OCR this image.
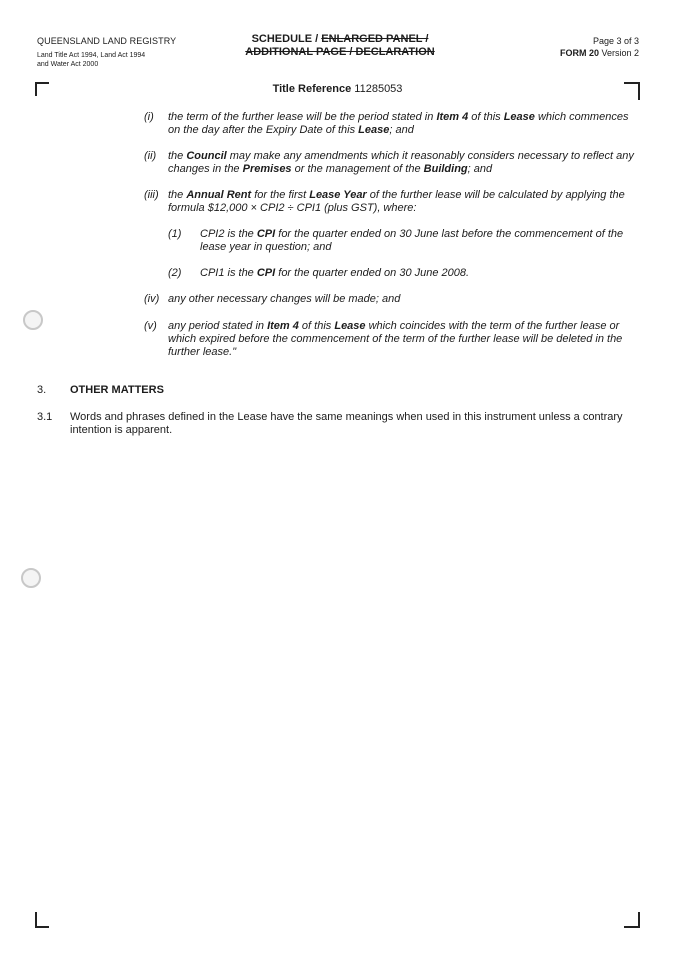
QUEENSLAND LAND REGISTRY
Land Title Act 1994, Land Act 1994
and Water Act 2000
SCHEDULE / ENLARGED PANEL /
ADDITIONAL PAGE / DECLARATION
Page 3 of 3
FORM 20 Version 2
Title Reference 11285053
(i) the term of the further lease will be the period stated in Item 4 of this Lease which commences on the day after the Expiry Date of this Lease; and
(ii) the Council may make any amendments which it reasonably considers necessary to reflect any changes in the Premises or the management of the Building; and
(iii) the Annual Rent for the first Lease Year of the further lease will be calculated by applying the formula $12,000 × CPI2 ÷ CPI1 (plus GST), where:
(1) CPI2 is the CPI for the quarter ended on 30 June last before the commencement of the lease year in question; and
(2) CPI1 is the CPI for the quarter ended on 30 June 2008.
(iv) any other necessary changes will be made; and
(v) any period stated in Item 4 of this Lease which coincides with the term of the further lease or which expired before the commencement of the term of the further lease will be deleted in the further lease."
3. OTHER MATTERS
3.1 Words and phrases defined in the Lease have the same meanings when used in this instrument unless a contrary intention is apparent.
